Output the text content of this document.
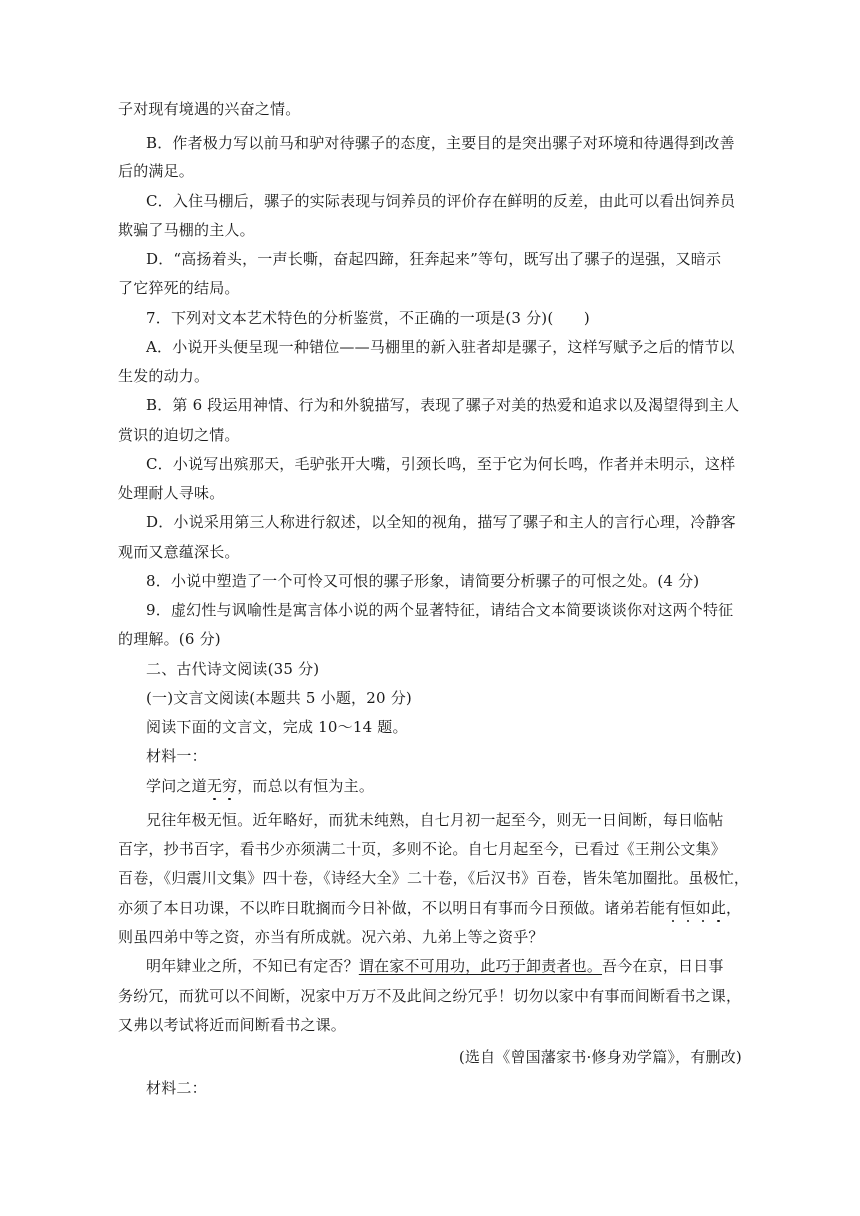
子对现有境遇的兴奋之情。
B．作者极力写以前马和驴对待骡子的态度，主要目的是突出骡子对环境和待遇得到改善
后的满足。
C．入住马棚后，骡子的实际表现与饲养员的评价存在鲜明的反差，由此可以看出饲养员
欺骗了马棚的主人。
D．“高扬着头，一声长嘶，奋起四蹄，狂奔起来”等句，既写出了骡子的逞强，又暗示
了它猝死的结局。
7．下列对文本艺术特色的分析鉴赏，不正确的一项是(3 分)(　　)
A．小说开头便呈现一种错位——马棚里的新入驻者却是骡子，这样写赋予之后的情节以
生发的动力。
B．第 6 段运用神情、行为和外貌描写，表现了骡子对美的热爱和追求以及渴望得到主人
赏识的迫切之情。
C．小说写出殡那天，毛驴张开大嘴，引颈长鸣，至于它为何长鸣，作者并未明示，这样
处理耐人寻味。
D．小说采用第三人称进行叙述，以全知的视角，描写了骡子和主人的言行心理，冷静客
观而又意蕴深长。
8．小说中塑造了一个可怜又可恨的骡子形象，请简要分析骡子的可恨之处。(4 分)
9．虚幻性与讽喻性是寓言体小说的两个显著特征，请结合文本简要谈谈你对这两个特征
的理解。(6 分)
二、古代诗文阅读(35 分)
(一)文言文阅读(本题共 5 小题，20 分)
阅读下面的文言文，完成 10～14 题。
材料一：
学问之道无穷，而总以有恒为主。
兄往年极无恒。近年略好，而犹未纯熟，自七月初一起至今，则无一日间断，每日临帖
百字，抄书百字，看书少亦须满二十页，多则不论。自七月起至今，已看过《王荆公文集》
百卷，《归震川文集》四十卷，《诗经大全》二十卷，《后汉书》百卷，皆朱笔加圈批。虽极忙，
亦须了本日功课，不以昨日耽搁而今日补做，不以明日有事而今日预做。诸弟若能有恒如此，
则虽四弟中等之资，亦当有所成就。况六弟、九弟上等之资乎？
明年肄业之所，不知已有定否？谓在家不可用功，此巧于卸责者也。吾今在京，日日事
务纷冗，而犹可以不间断，况家中万万不及此间之纷冗乎！切勿以家中有事而间断看书之课，
又弗以考试将近而间断看书之课。
(选自《曾国藩家书·修身劝学篇》，有删改)
材料二：
